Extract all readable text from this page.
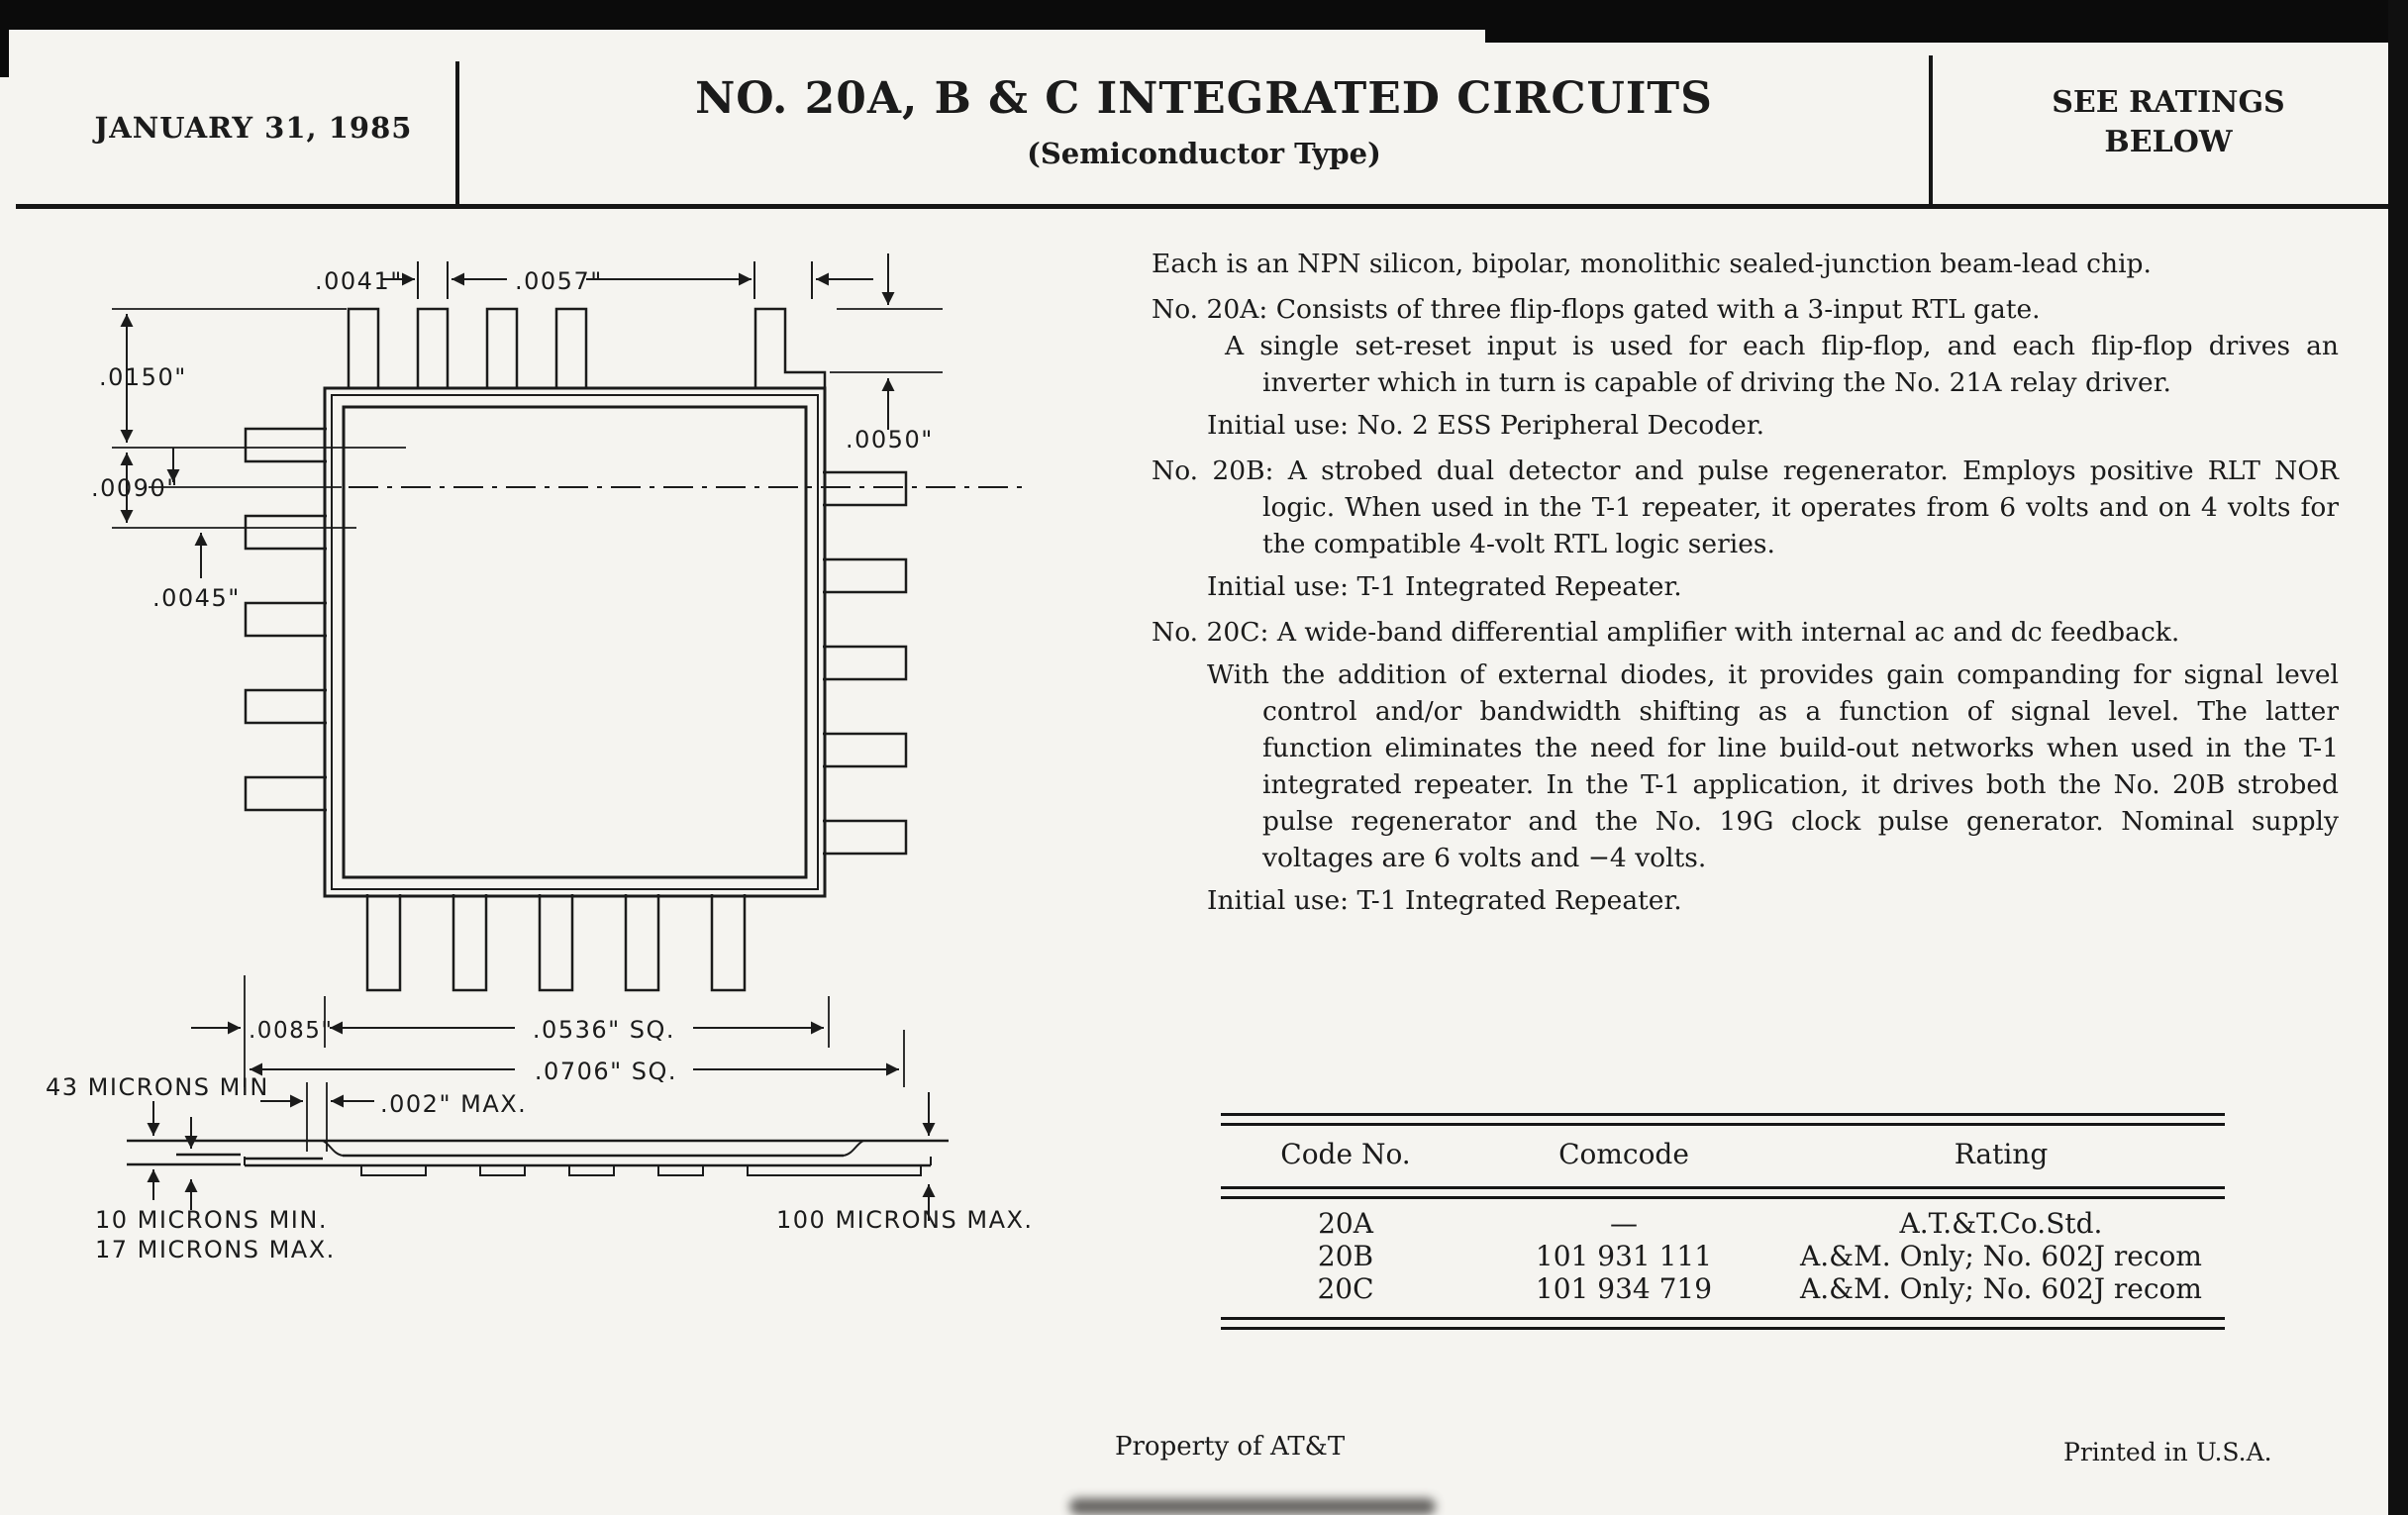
JANUARY 31, 1985
NO. 20A, B & C INTEGRATED CIRCUITS
(Semiconductor Type)
SEE RATINGS
BELOW
.0041"	.0057"
.0050"
.0150"
.0090"
.0045"
.0085"	.0536" SQ.
.0706" SQ.
43 MICRONS MIN
.002" MAX.
10 MICRONS MIN.
17 MICRONS MAX.
100 MICRONS MAX.

Each is an NPN silicon, bipolar, monolithic sealed-junction beam-lead chip.

No. 20A: Consists of three flip-flops gated with a 3-input RTL gate.

A single set-reset input is used for each flip-flop, and each flip-flop drives an inverter which in turn is capable of driving the No. 21A relay driver.

Initial use: No. 2 ESS Peripheral Decoder.

No. 20B: A strobed dual detector and pulse regenerator. Employs positive RLT NOR logic. When used in the T-1 repeater, it operates from 6 volts and on 4 volts for the compatible 4-volt RTL logic series.

Initial use: T-1 Integrated Repeater.

No. 20C: A wide-band differential amplifier with internal ac and dc feedback.

With the addition of external diodes, it provides gain companding for signal level control and/or bandwidth shifting as a function of signal level. The latter function eliminates the need for line build-out networks when used in the T-1 integrated repeater. In the T-1 application, it drives both the No. 20B strobed pulse regenerator and the No. 19G clock pulse generator. Nominal supply voltages are 6 volts and −4 volts.

Initial use: T-1 Integrated Repeater.

Code No.	Comcode	Rating
20A	—	A.T.&T.Co.Std.
20B	101 931 111	A.&M. Only; No. 602J recom
20C	101 934 719	A.&M. Only; No. 602J recom
Property of AT&T	Printed in U.S.A.
